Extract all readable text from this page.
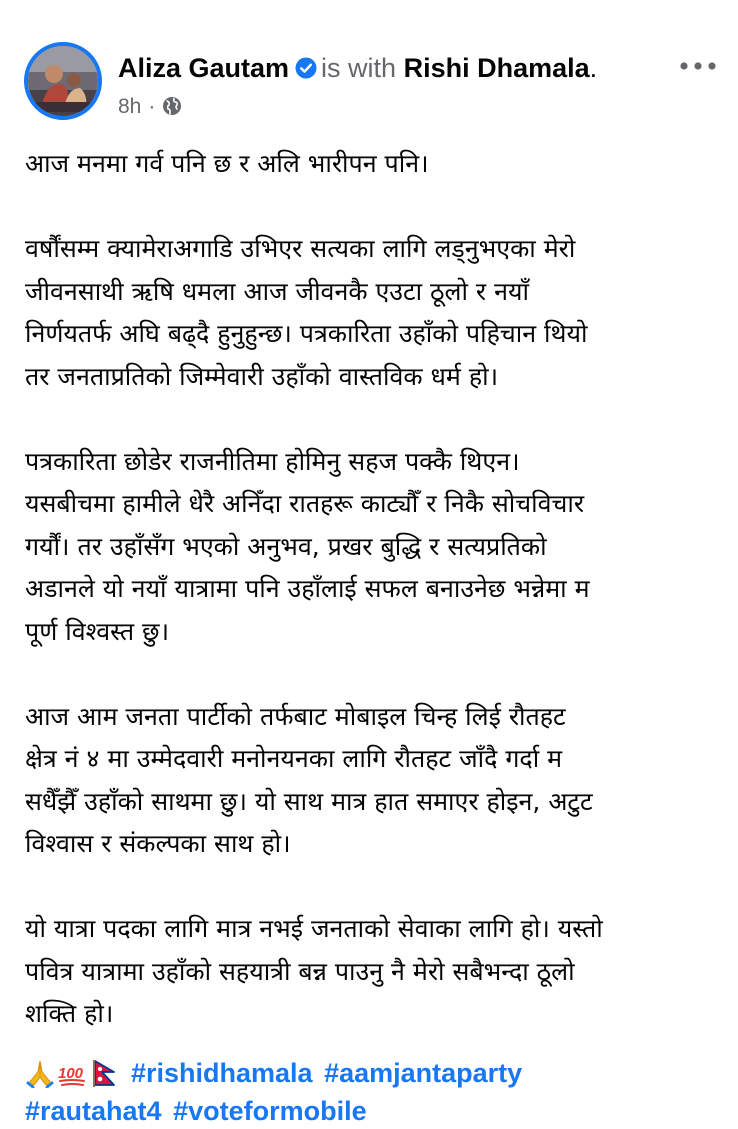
Aliza Gautam is with Rishi Dhamala.
8h ·

आज मनमा गर्व पनि छ र अलि भारीपन पनि।

वर्षौंसम्म क्यामेराअगाडि उभिएर सत्यका लागि लड्नुभएका मेरो
जीवनसाथी ऋषि धमला आज जीवनकै एउटा ठूलो र नयाँ
निर्णयतर्फ अघि बढ्दै हुनुहुन्छ। पत्रकारिता उहाँको पहिचान थियो
तर जनताप्रतिको जिम्मेवारी उहाँको वास्तविक धर्म हो।

पत्रकारिता छोडेर राजनीतिमा होमिनु सहज पक्कै थिएन।
यसबीचमा हामीले धेरै अनिँदा रातहरू काट्यौँ र निकै सोचविचार
गर्यौं। तर उहाँसँग भएको अनुभव, प्रखर बुद्धि र सत्यप्रतिको
अडानले यो नयाँ यात्रामा पनि उहाँलाई सफल बनाउनेछ भन्नेमा म
पूर्ण विश्वस्त छु।

आज आम जनता पार्टीको तर्फबाट मोबाइल चिन्ह लिई रौतहट
क्षेत्र नं ४ मा उम्मेदवारी मनोनयनका लागि रौतहट जाँदै गर्दा म
सधैँझैँ उहाँको साथमा छु। यो साथ मात्र हात समाएर होइन, अटुट
विश्वास र संकल्पका साथ हो।

यो यात्रा पदका लागि मात्र नभई जनताको सेवाका लागि हो। यस्तो
पवित्र यात्रामा उहाँको सहयात्री बन्न पाउनु नै मेरो सबैभन्दा ठूलो
शक्ति हो।

100 #rishidhamala #aamjantaparty
#rautahat4 #voteformobile
